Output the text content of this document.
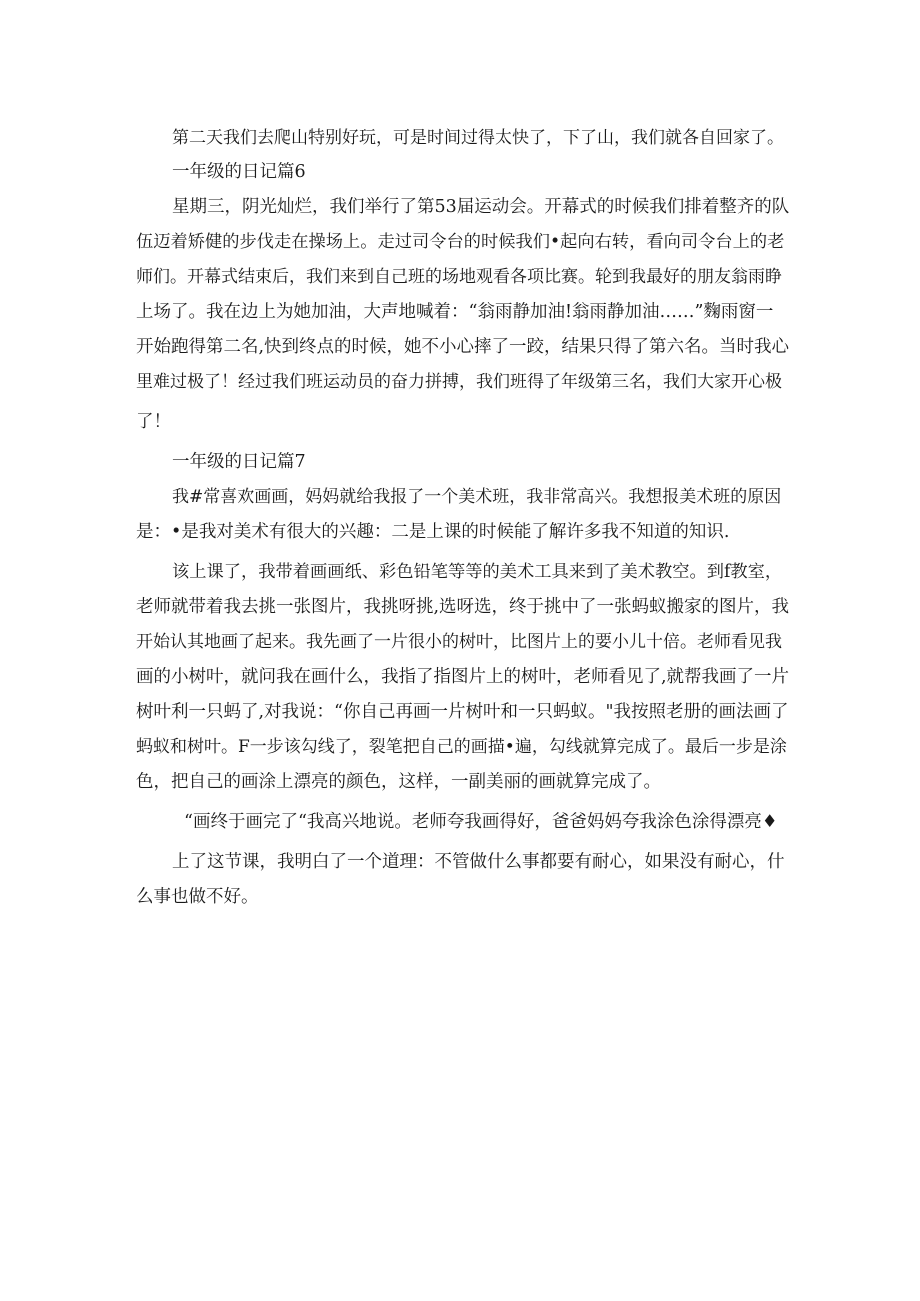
第二天我们去爬山特别好玩，可是时间过得太快了，下了山，我们就各自回家了。
一年级的日记篇6
星期三，阴光灿烂，我们举行了第53届运动会。开幕式的时候我们排着整齐的队
伍迈着矫健的步伐走在操场上。走过司令台的时候我们•起向右转，看向司令台上的老
师们。开幕式结束后，我们来到自己班的场地观看各项比赛。轮到我最好的朋友翁雨睁
上场了。我在边上为她加油，大声地喊着：“翁雨静加油!翁雨静加油……”麴雨窗一
开始跑得第二名,快到终点的时候，她不小心摔了一跤，结果只得了第六名。当时我心
里难过极了！经过我们班运动员的奋力拼搏，我们班得了年级第三名，我们大家开心极
了！
一年级的日记篇7
我#常喜欢画画，妈妈就给我报了一个美术班，我非常高兴。我想报美术班的原因
是：•是我对美术有很大的兴趣：二是上课的时候能了解许多我不知道的知识.
该上课了，我带着画画纸、彩色铅笔等等的美术工具来到了美术教空。到f教室，
老师就带着我去挑一张图片，我挑呀挑,选呀选，终于挑中了一张蚂蚁搬家的图片，我
开始认其地画了起来。我先画了一片很小的树叶，比图片上的要小儿十倍。老师看见我
画的小树叶，就问我在画什么，我指了指图片上的树叶，老师看见了,就帮我画了一片
树叶利一只蚂了,对我说：“你自己再画一片树叶和一只蚂蚁。"我按照老册的画法画了
蚂蚁和树叶。F一步该勾线了，裂笔把自己的画描•遍，勾线就算完成了。最后一步是涂
色，把自己的画涂上漂亮的颜色，这样，一副美丽的画就算完成了。
“画终于画完了“我高兴地说。老师夸我画得好，爸爸妈妈夸我涂色涂得漂亮♦
上了这节课，我明白了一个道理：不管做什么事都要有耐心，如果没有耐心，什
么事也做不好。
